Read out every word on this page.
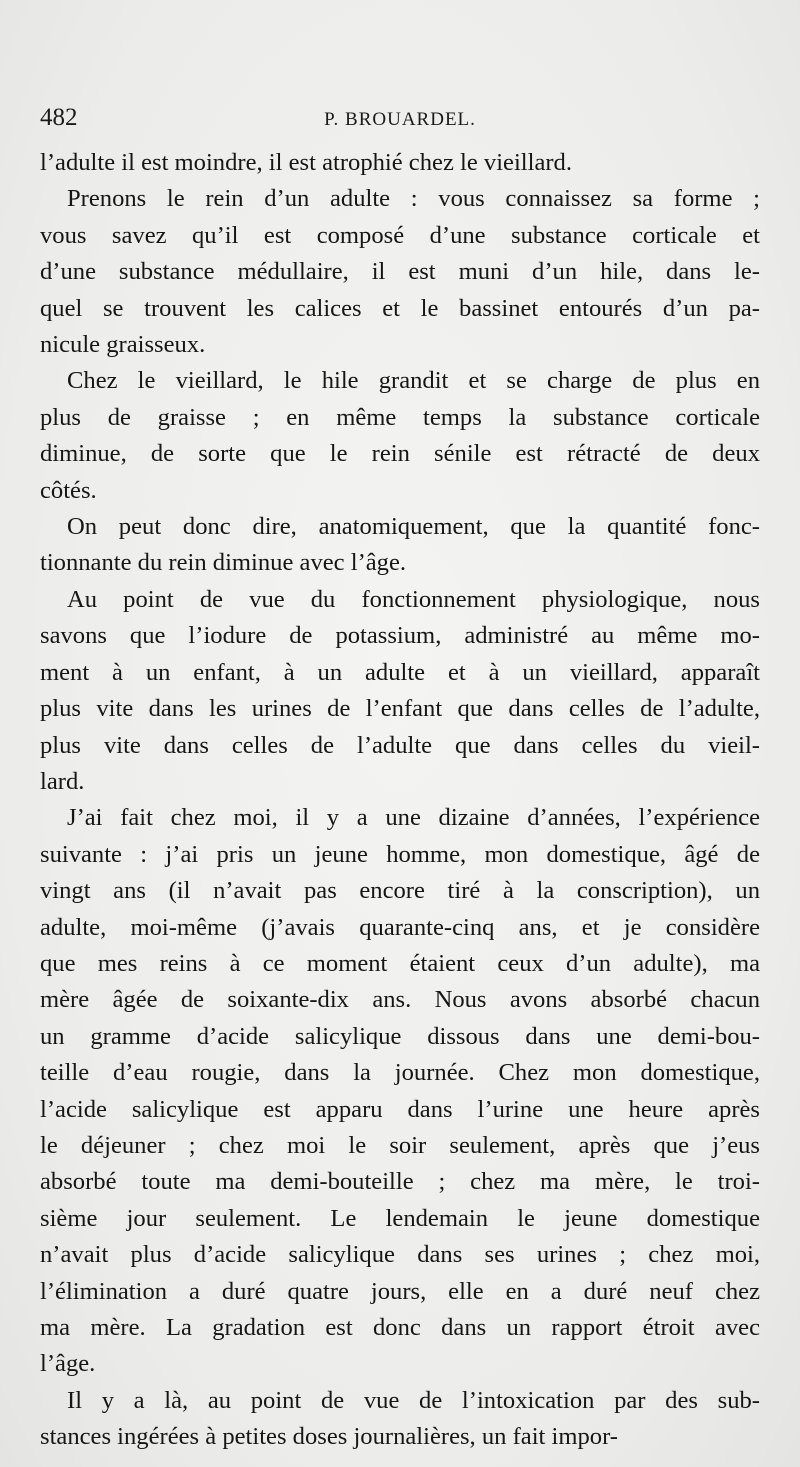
482	P. BROUARDEL.
l’adulte il est moindre, il est atrophié chez le vieillard.
Prenons le rein d’un adulte : vous connaissez sa forme ;
vous savez qu’il est composé d’une substance corticale et
d’une substance médullaire, il est muni d’un hile, dans le-
quel se trouvent les calices et le bassinet entourés d’un pa-
nicule graisseux.
Chez le vieillard, le hile grandit et se charge de plus en
plus de graisse ; en même temps la substance corticale
diminue, de sorte que le rein sénile est rétracté de deux
côtés.
On peut donc dire, anatomiquement, que la quantité fonc-
tionnante du rein diminue avec l’âge.
Au point de vue du fonctionnement physiologique, nous
savons que l’iodure de potassium, administré au même mo-
ment à un enfant, à un adulte et à un vieillard, apparaît
plus vite dans les urines de l’enfant que dans celles de l’adulte,
plus vite dans celles de l’adulte que dans celles du vieil-
lard.
J’ai fait chez moi, il y a une dizaine d’années, l’expérience
suivante : j’ai pris un jeune homme, mon domestique, âgé de
vingt ans (il n’avait pas encore tiré à la conscription), un
adulte, moi-même (j’avais quarante-cinq ans, et je considère
que mes reins à ce moment étaient ceux d’un adulte), ma
mère âgée de soixante-dix ans. Nous avons absorbé chacun
un gramme d’acide salicylique dissous dans une demi-bou-
teille d’eau rougie, dans la journée. Chez mon domestique,
l’acide salicylique est apparu dans l’urine une heure après
le déjeuner ; chez moi le soir seulement, après que j’eus
absorbé toute ma demi-bouteille ; chez ma mère, le troi-
sième jour seulement. Le lendemain le jeune domestique
n’avait plus d’acide salicylique dans ses urines ; chez moi,
l’élimination a duré quatre jours, elle en a duré neuf chez
ma mère. La gradation est donc dans un rapport étroit avec
l’âge.
Il y a là, au point de vue de l’intoxication par des sub-
stances ingérées à petites doses journalières, un fait impor-
